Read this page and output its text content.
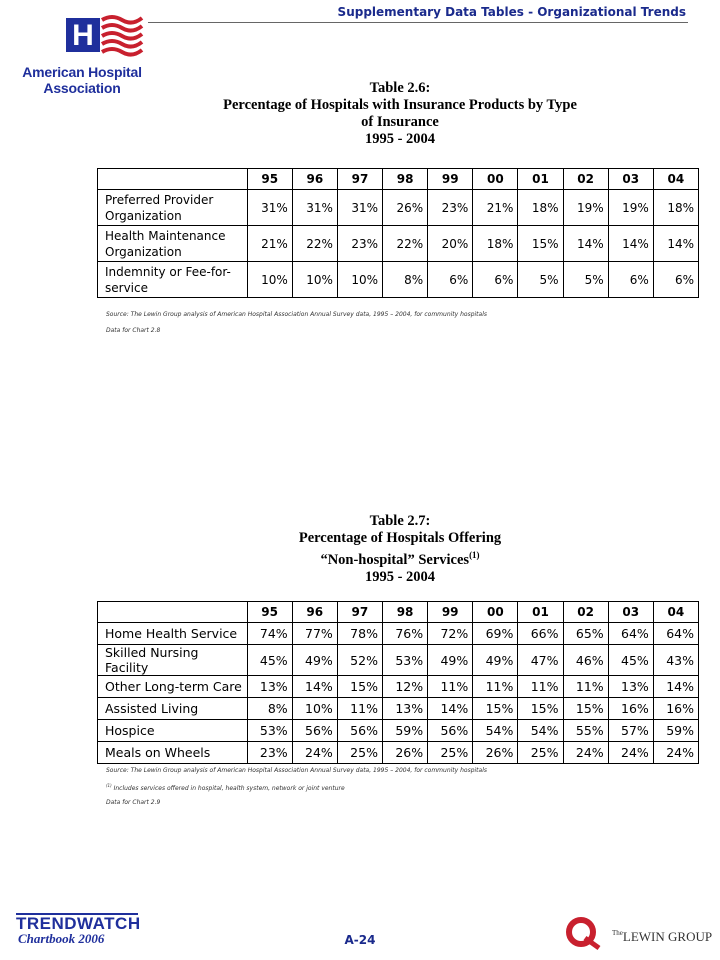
Supplementary Data Tables - Organizational Trends
H
American Hospital
Association	Table 2.6:
Percentage of Hospitals with Insurance Products by Type
of Insurance
1995 - 2004
	95	96	97	98	99	00	01	02	03	04

Preferred Provider
Organization	31%	31%	31%	26%	23%	21%	18%	19%	19%	18%

Health Maintenance
Organization	21%	22%	23%	22%	20%	18%	15%	14%	14%	14%

Indemnity or Fee-for-
service	10%	10%	10%	8%	6%	6%	5%	5%	6%	6%
Source: The Lewin Group analysis of American Hospital Association Annual Survey data, 1995 – 2004, for community hospitals
Data for Chart 2.8
Table 2.7:
Percentage of Hospitals Offering
“Non-hospital” Services$^{(1)}$
1995 - 2004
	95	96	97	98	99	00	01	02	03	04
Home Health Service	74%	77%	78%	76%	72%	69%	66%	65%	64%	64%
Skilled Nursing Facility	45%	49%	52%	53%	49%	49%	47%	46%	45%	43%
Other Long-term Care	13%	14%	15%	12%	11%	11%	11%	11%	13%	14%
Assisted Living	8%	10%	11%	13%	14%	15%	15%	15%	16%	16%
Hospice	53%	56%	56%	59%	56%	54%	54%	55%	57%	59%
Meals on Wheels	23%	24%	25%	26%	25%	26%	25%	24%	24%	24%
Source: The Lewin Group analysis of American Hospital Association Annual Survey data, 1995 – 2004, for community hospitals
$^{(1)}$ Includes services offered in hospital, health system, network or joint venture
Data for Chart 2.9
TRENDWATCH
Chartbook 2006	A-24	$^{The}$LEWIN GROUP
